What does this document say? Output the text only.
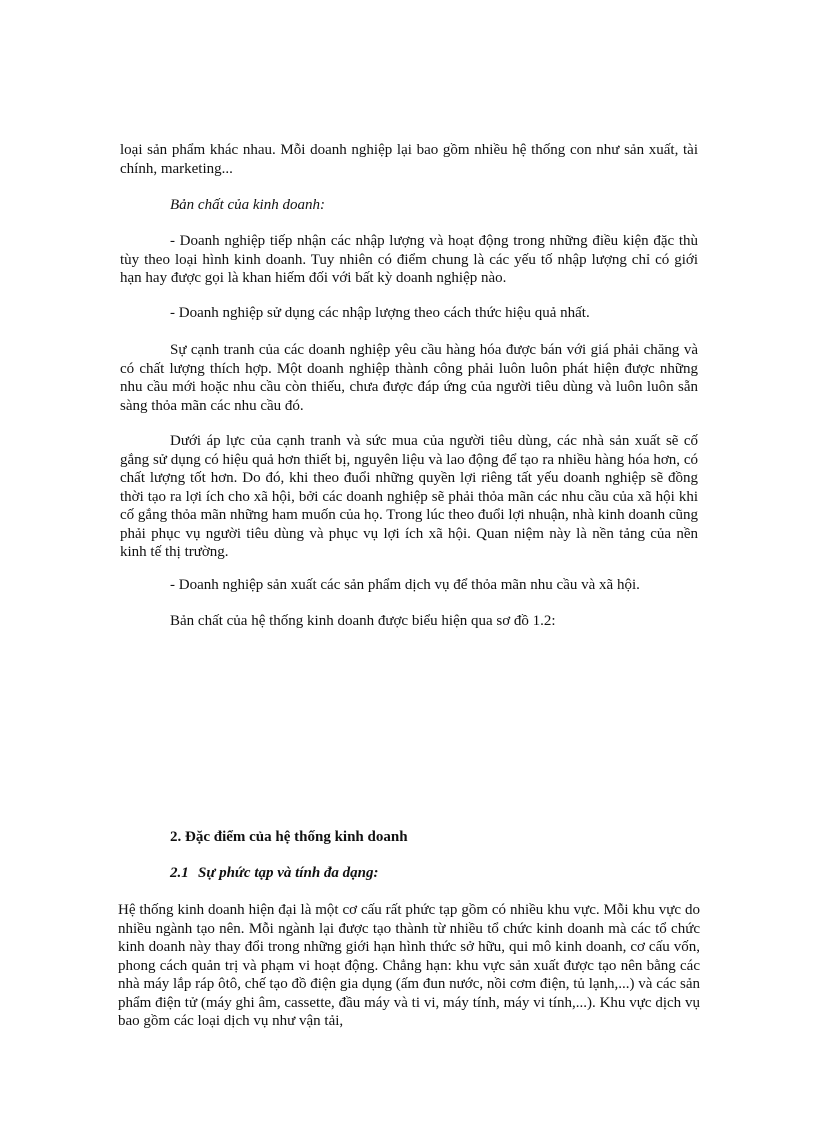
loại sản phẩm khác nhau. Mỗi doanh nghiệp lại bao gồm nhiều hệ thống con như sản xuất, tài chính, marketing...

Bản chất của kinh doanh:

- Doanh nghiệp tiếp nhận các nhập lượng và hoạt động trong những điều kiện đặc thù tùy theo loại hình kinh doanh. Tuy nhiên có điểm chung là các yếu tố nhập lượng chỉ có giới hạn hay được gọi là khan hiếm đối với bất kỳ doanh nghiệp nào.

- Doanh nghiệp sử dụng các nhập lượng theo cách thức hiệu quả nhất.

Sự cạnh tranh của các doanh nghiệp yêu cầu hàng hóa được bán với giá phải chăng và có chất lượng thích hợp. Một doanh nghiệp thành công phải luôn luôn phát hiện được những nhu cầu mới hoặc nhu cầu còn thiếu, chưa được đáp ứng của người tiêu dùng và luôn luôn sẵn sàng thỏa mãn các nhu cầu đó.

Dưới áp lực của cạnh tranh và sức mua của người tiêu dùng, các nhà sản xuất sẽ cố gắng sử dụng có hiệu quả hơn thiết bị, nguyên liệu và lao động để tạo ra nhiều hàng hóa hơn, có chất lượng tốt hơn. Do đó, khi theo đuổi những quyền lợi riêng tất yếu doanh nghiệp sẽ đồng thời tạo ra lợi ích cho xã hội, bởi các doanh nghiệp sẽ phải thỏa mãn các nhu cầu của xã hội khi cố gắng thỏa mãn những ham muốn của họ. Trong lúc theo đuổi lợi nhuận, nhà kinh doanh cũng phải phục vụ người tiêu dùng và phục vụ lợi ích xã hội. Quan niệm này là nền tảng của nền kinh tế thị trường.

- Doanh nghiệp sản xuất các sản phẩm dịch vụ để thỏa mãn nhu cầu và xã hội.

Bản chất của hệ thống kinh doanh được biểu hiện qua sơ đồ 1.2:

2. Đặc điểm của hệ thống kinh doanh

2.1 Sự phức tạp và tính đa dạng:

Hệ thống kinh doanh hiện đại là một cơ cấu rất phức tạp gồm có nhiều khu vực. Mỗi khu vực do nhiều ngành tạo nên. Mỗi ngành lại được tạo thành từ nhiều tổ chức kinh doanh mà các tổ chức kinh doanh này thay đổi trong những giới hạn hình thức sở hữu, qui mô kinh doanh, cơ cấu vốn, phong cách quản trị và phạm vi hoạt động. Chẳng hạn: khu vực sản xuất được tạo nên bằng các nhà máy lắp ráp ôtô, chế tạo đồ điện gia dụng (ấm đun nước, nồi cơm điện, tủ lạnh,...) và các sản phẩm điện tử (máy ghi âm, cassette, đầu máy và ti vi, máy tính, máy vi tính,...). Khu vực dịch vụ bao gồm các loại dịch vụ như vận tải,
